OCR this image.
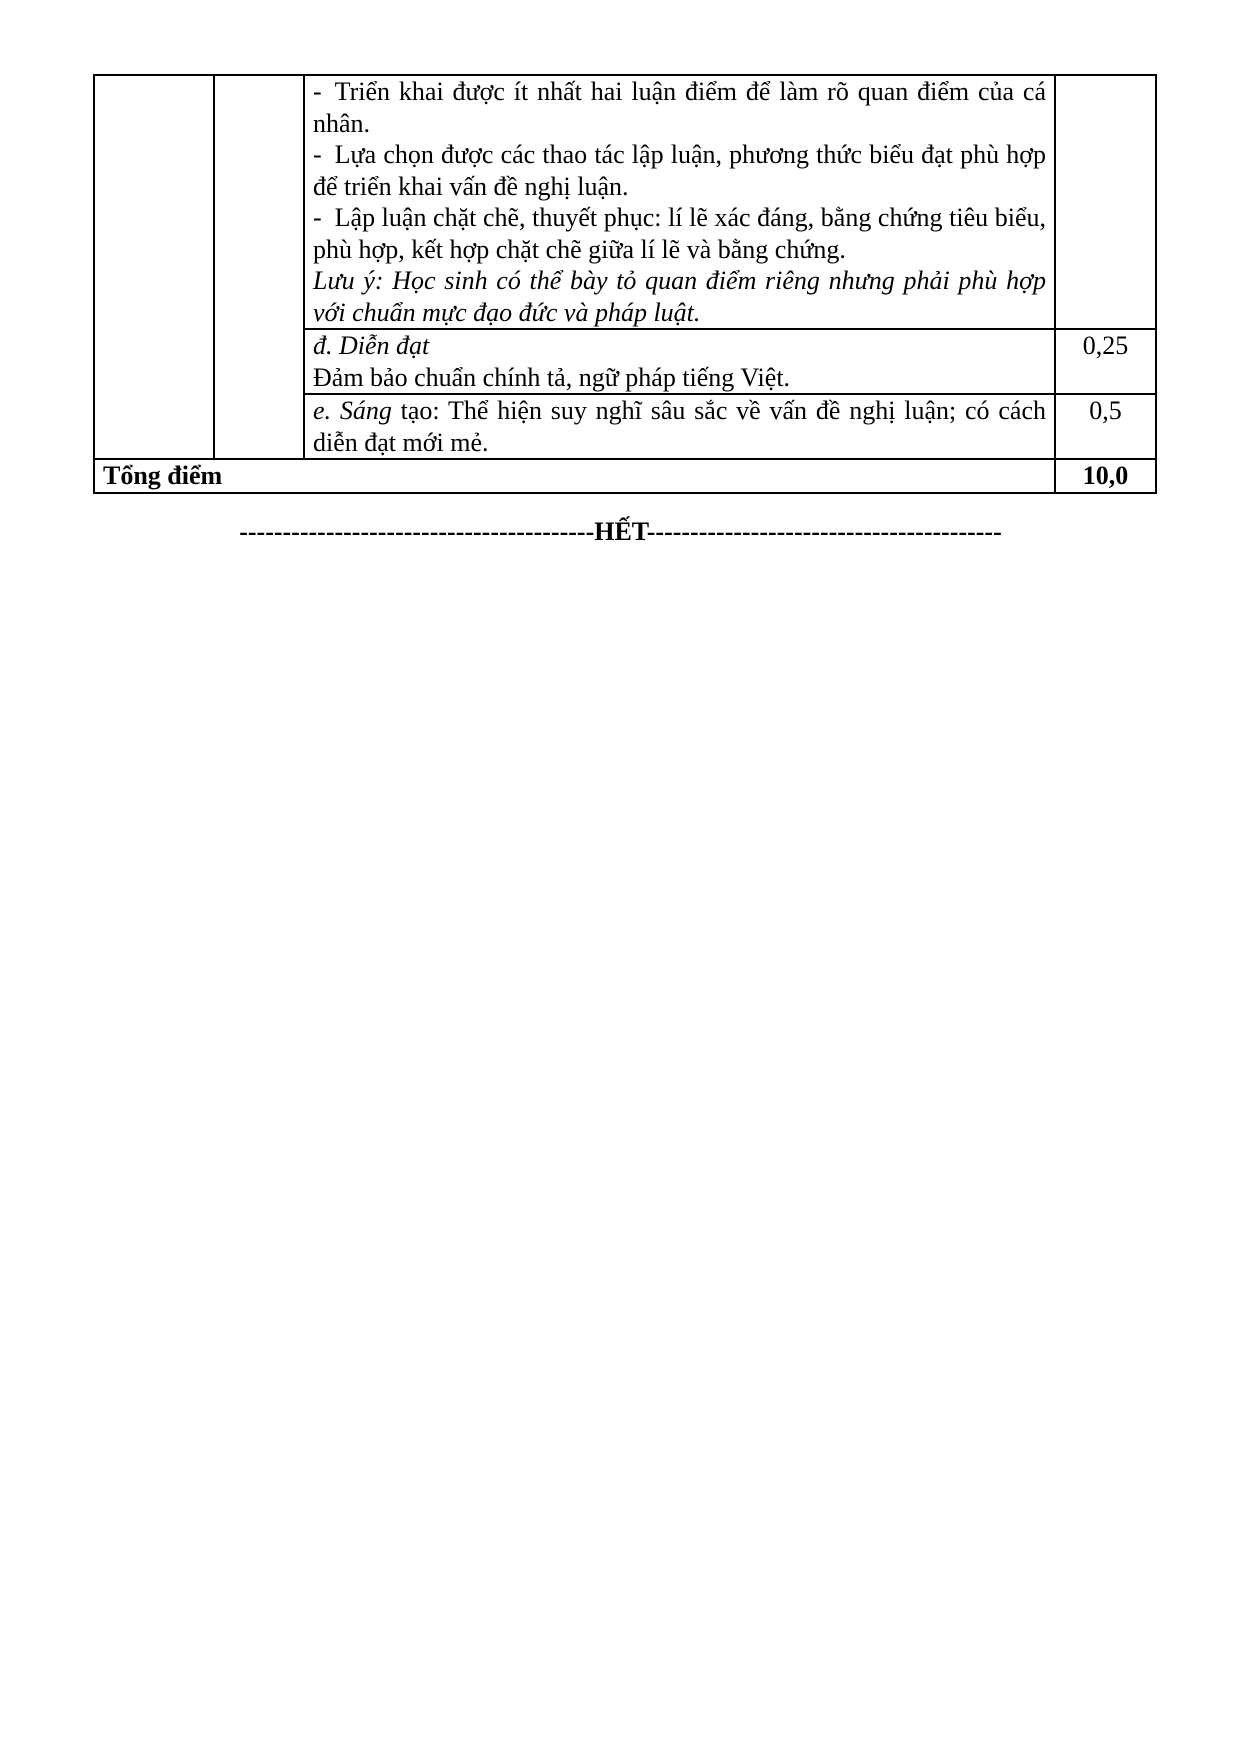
		- Triển khai được ít nhất hai luận điểm để làm rõ quan điểm của cá nhân.

- Lựa chọn được các thao tác lập luận, phương thức biểu đạt phù hợp để triển khai vấn đề nghị luận.

- Lập luận chặt chẽ, thuyết phục: lí lẽ xác đáng, bằng chứng tiêu biểu, phù hợp, kết hợp chặt chẽ giữa lí lẽ và bằng chứng.

Lưu ý: Học sinh có thể bày tỏ quan điểm riêng nhưng phải phù hợp với chuẩn mực đạo đức và pháp luật.	

		đ. Diễn đạt

Đảm bảo chuẩn chính tả, ngữ pháp tiếng Việt.	0,25

		e. Sáng tạo: Thể hiện suy nghĩ sâu sắc về vấn đề nghị luận; có cách diễn đạt mới mẻ.	0,5
Tổng điểm			10,0
-----------------------------------------HẾT-----------------------------------------
